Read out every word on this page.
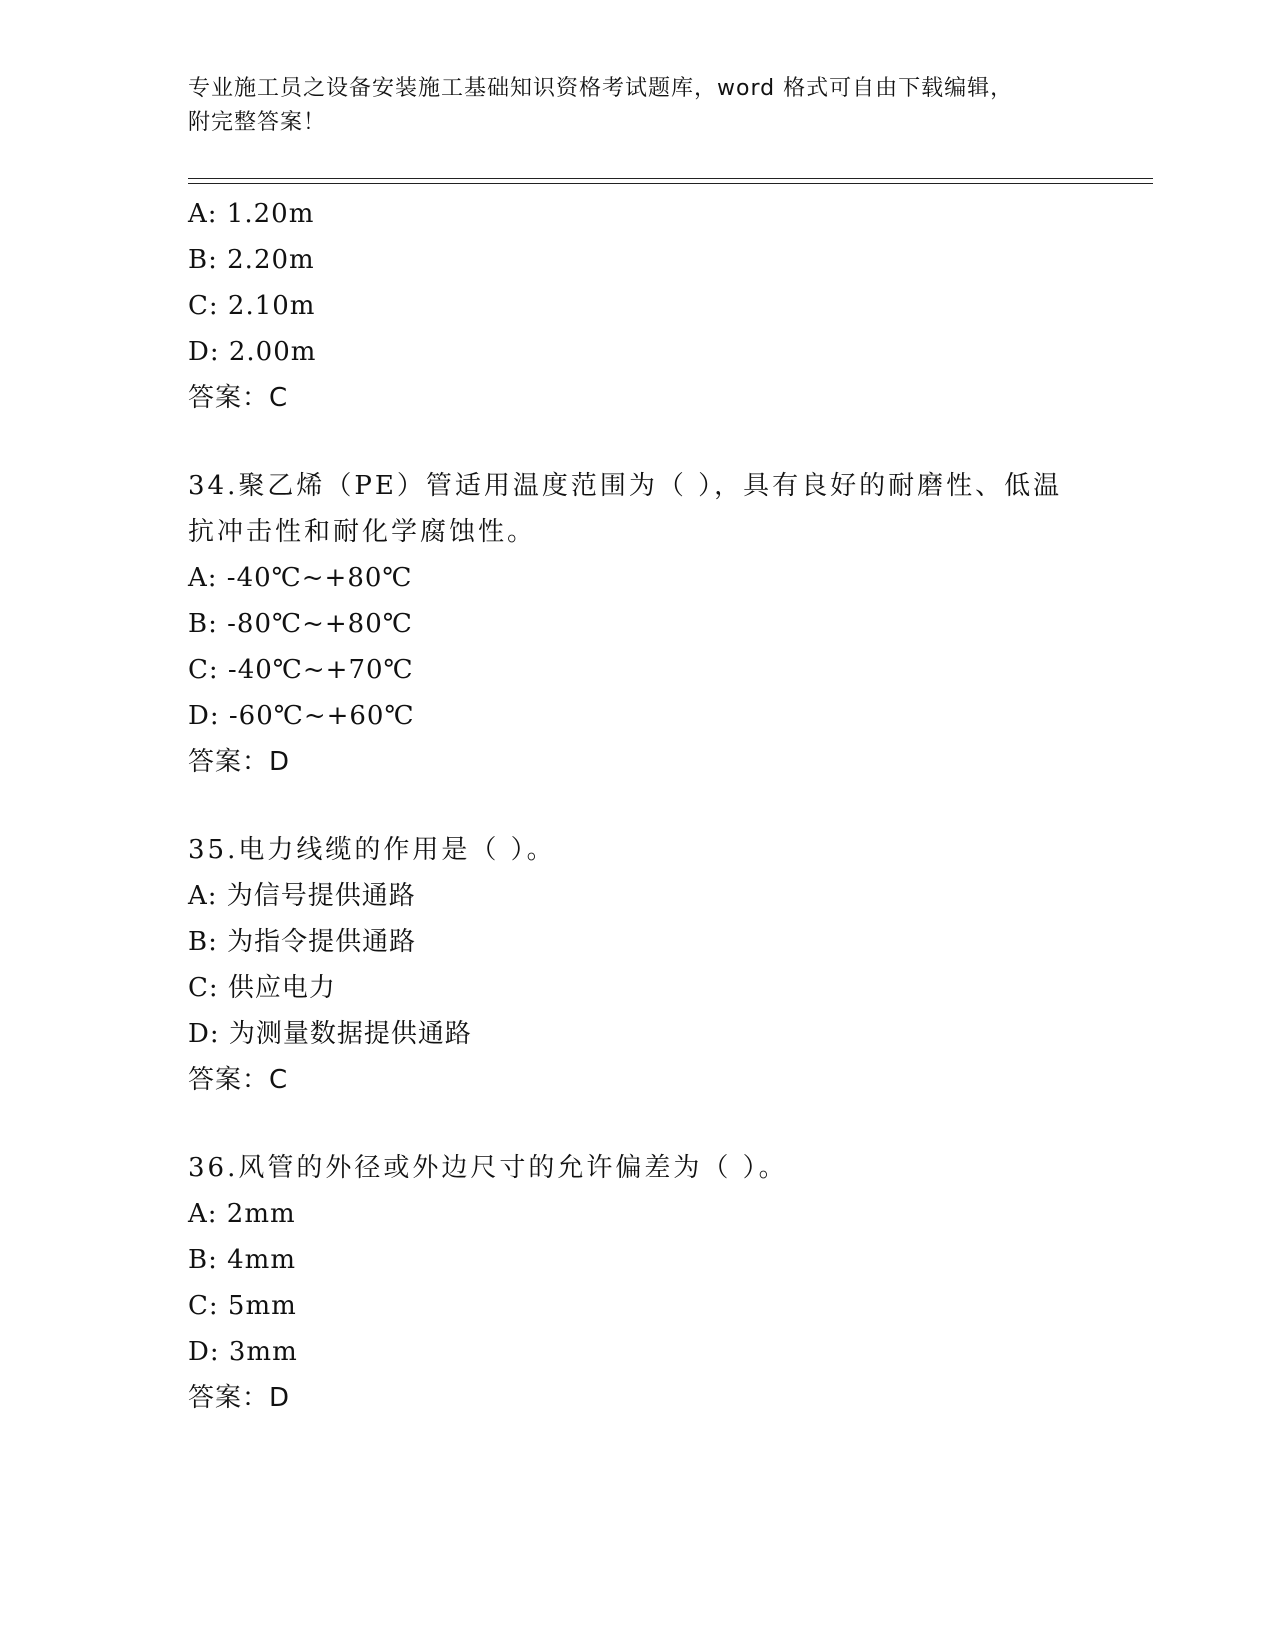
专业施工员之设备安装施工基础知识资格考试题库，word 格式可自由下载编辑，
附完整答案！
A: 1.20m
B: 2.20m
C: 2.10m
D: 2.00m
答案：C
34.聚乙烯（PE）管适用温度范围为（ ），具有良好的耐磨性、低温
抗冲击性和耐化学腐蚀性。
A: -40℃~+80℃
B: -80℃~+80℃
C: -40℃~+70℃
D: -60℃~+60℃
答案：D
35.电力线缆的作用是（ ）。
A: 为信号提供通路
B: 为指令提供通路
C: 供应电力
D: 为测量数据提供通路
答案：C
36.风管的外径或外边尺寸的允许偏差为（ ）。
A: 2mm
B: 4mm
C: 5mm
D: 3mm
答案：D
